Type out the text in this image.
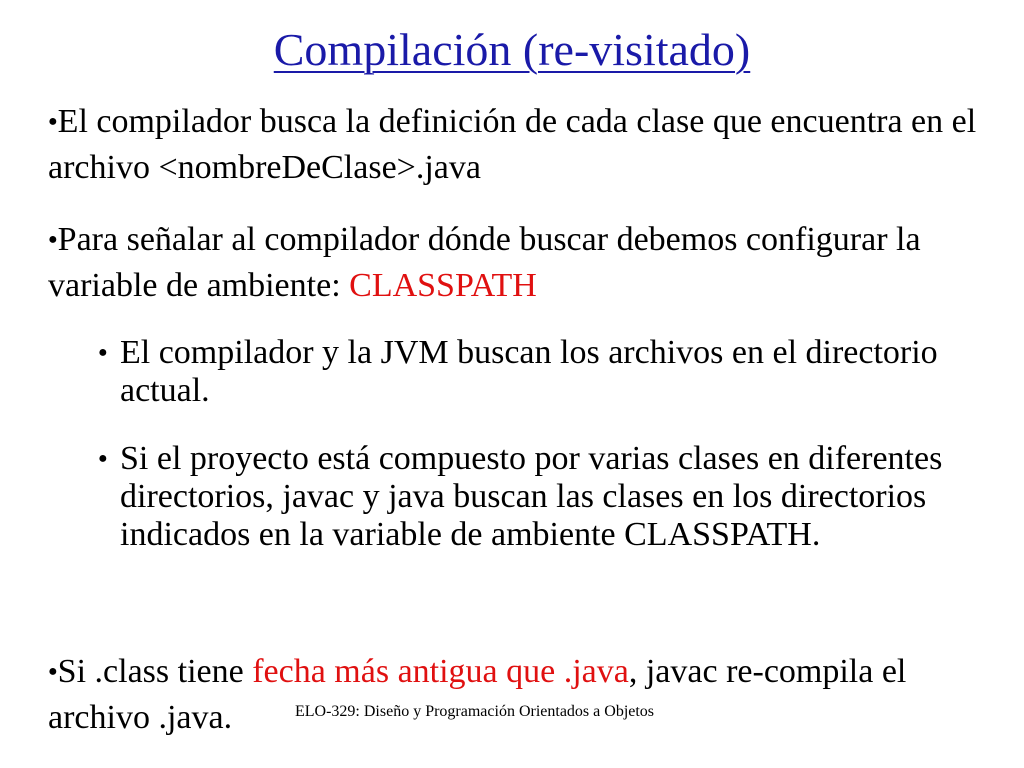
Compilación (re-visitado)

●El compilador busca la definición de cada clase que encuentra en el archivo <nombreDeClase>.java

●Para señalar al compilador dónde buscar debemos configurar la variable de ambiente: CLASSPATH

● El compilador y la JVM buscan los archivos en el directorio actual.
● Si el proyecto está compuesto por varias clases en diferentes directorios, javac y java buscan las clases en los directorios indicados en la variable de ambiente CLASSPATH.

●Si .class tiene fecha más antigua que .java, javac re-compila el archivo .java.	ELO-329: Diseño y Programación Orientados a Objetos
